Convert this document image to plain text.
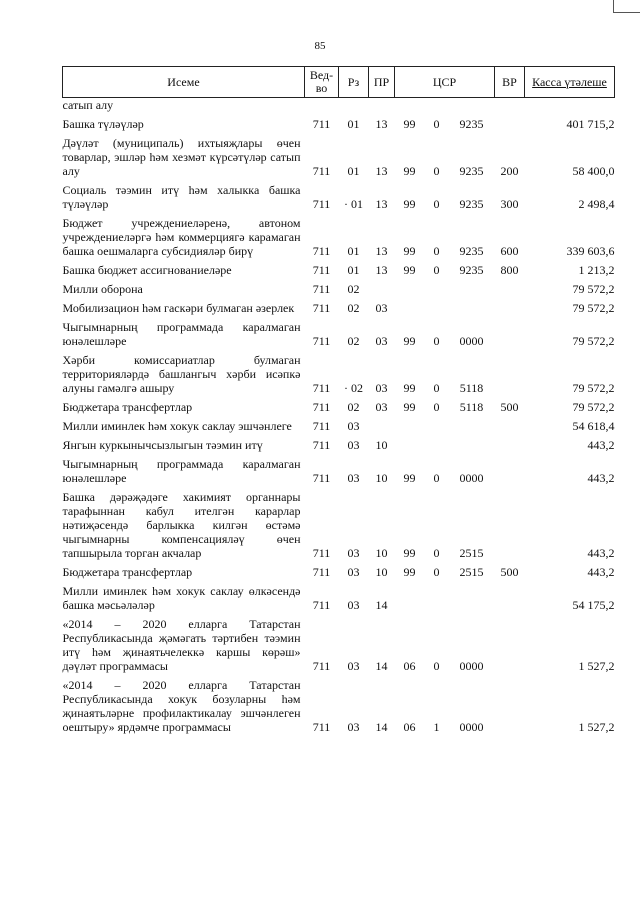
85
Исеме	Вед-во	Рз	ПР	ЦСР			ВР	Касса үтәлеше
сатып алу								
Башка түләүләр	711	01	13	99	0	9235		401 715,2
Дәүләт (муниципаль) ихтыяҗлары өчен товарлар, эшләр һәм хезмәт күрсәтүләр сатып алу	711	01	13	99	0	9235	200	58 400,0
Социаль тәэмин итү һәм халыкка башка түләүләр	711	· 01	13	99	0	9235	300	2 498,4
Бюджет учреждениеләренә, автоном учреждениеләргә һәм коммерциягә карамаган башка оешмаларга субсидияләр бирү	711	01	13	99	0	9235	600	339 603,6
Башка бюджет ассигнованиеләре	711	01	13	99	0	9235	800	1 213,2
Милли оборона	711	02						79 572,2
Мобилизацион һәм гаскәри булмаган әзерлек	711	02	03					79 572,2
Чыгымнарның программада каралмаган юнәлешләре	711	02	03	99	0	0000		79 572,2
Хәрби комиссариатлар булмаган территорияләрдә башлангыч хәрби исәпкә алуны гамәлгә ашыру	711	· 02	03	99	0	5118		79 572,2
Бюджетара трансфертлар	711	02	03	99	0	5118	500	79 572,2
Милли иминлек һәм хокук саклау эшчәнлеге	711	03						54 618,4
Янгын куркынычсызлыгын тәэмин итү	711	03	10					443,2
Чыгымнарның программада каралмаган юнәлешләре	711	03	10	99	0	0000		443,2
Башка дәрәҗәдәге хакимият органнары тарафыннан кабул ителгән карарлар нәтиҗәсендә барлыкка килгән өстәмә чыгымнарны компенсацияләү өчен тапшырыла торган акчалар	711	03	10	99	0	2515		443,2
Бюджетара трансфертлар	711	03	10	99	0	2515	500	443,2
Милли иминлек һәм хокук саклау өлкәсендә башка мәсьәләләр	711	03	14					54 175,2
«2014 – 2020 елларга Татарстан Республикасында җәмәгать тәртибен тәэмин итү һәм җинаятьчелеккә каршы көрәш» дәүләт программасы	711	03	14	06	0	0000		1 527,2
«2014 – 2020 елларга Татарстан Республикасында хокук бозуларны һәм җинаятьләрне профилактикалау эшчәнлеген оештыру» ярдәмче программасы	711	03	14	06	1	0000		1 527,2
